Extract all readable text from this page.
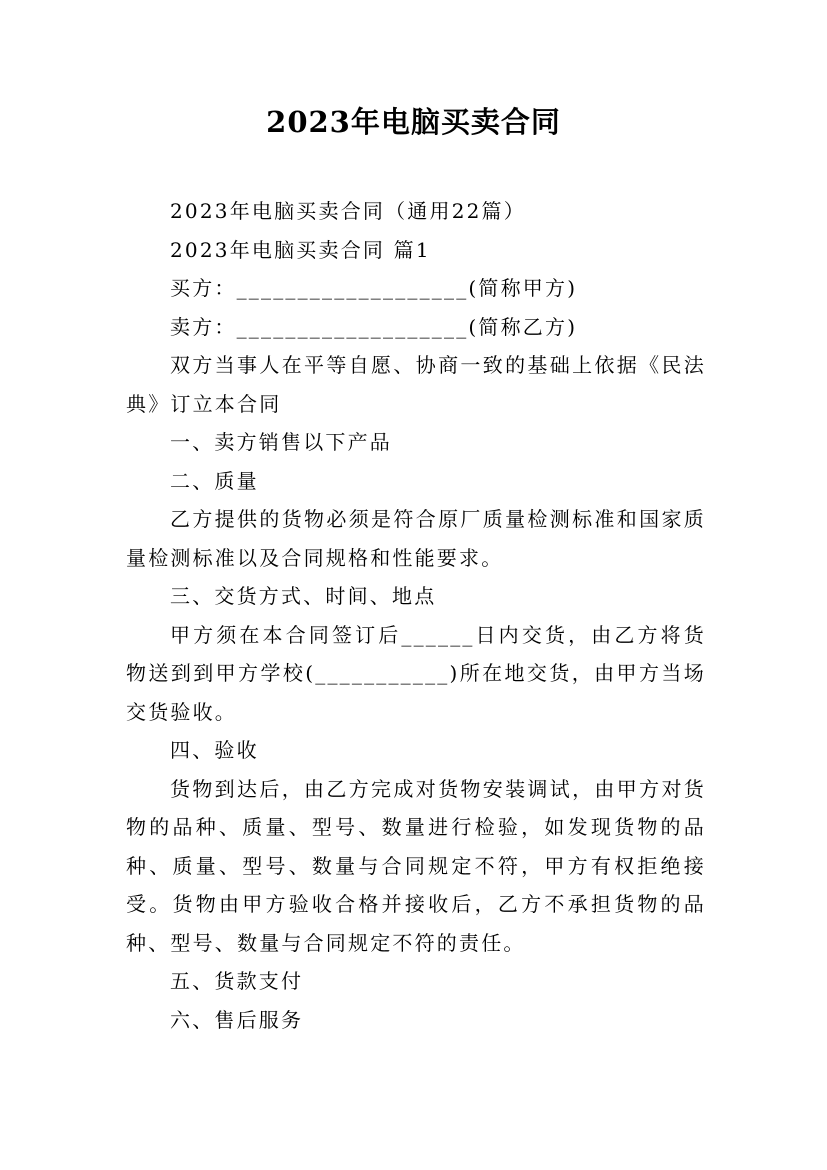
2023年电脑买卖合同

2023年电脑买卖合同（通用22篇）

2023年电脑买卖合同 篇1

买方：___________________(简称甲方)

卖方：___________________(简称乙方)

双方当事人在平等自愿、协商一致的基础上依据《民法典》订立本合同

一、卖方销售以下产品

二、质量

乙方提供的货物必须是符合原厂质量检测标准和国家质量检测标准以及合同规格和性能要求。

三、交货方式、时间、地点

甲方须在本合同签订后______日内交货，由乙方将货物送到到甲方学校(___________)所在地交货，由甲方当场交货验收。

四、验收

货物到达后，由乙方完成对货物安装调试，由甲方对货物的品种、质量、型号、数量进行检验，如发现货物的品种、质量、型号、数量与合同规定不符，甲方有权拒绝接受。货物由甲方验收合格并接收后，乙方不承担货物的品种、型号、数量与合同规定不符的责任。

五、货款支付

六、售后服务
